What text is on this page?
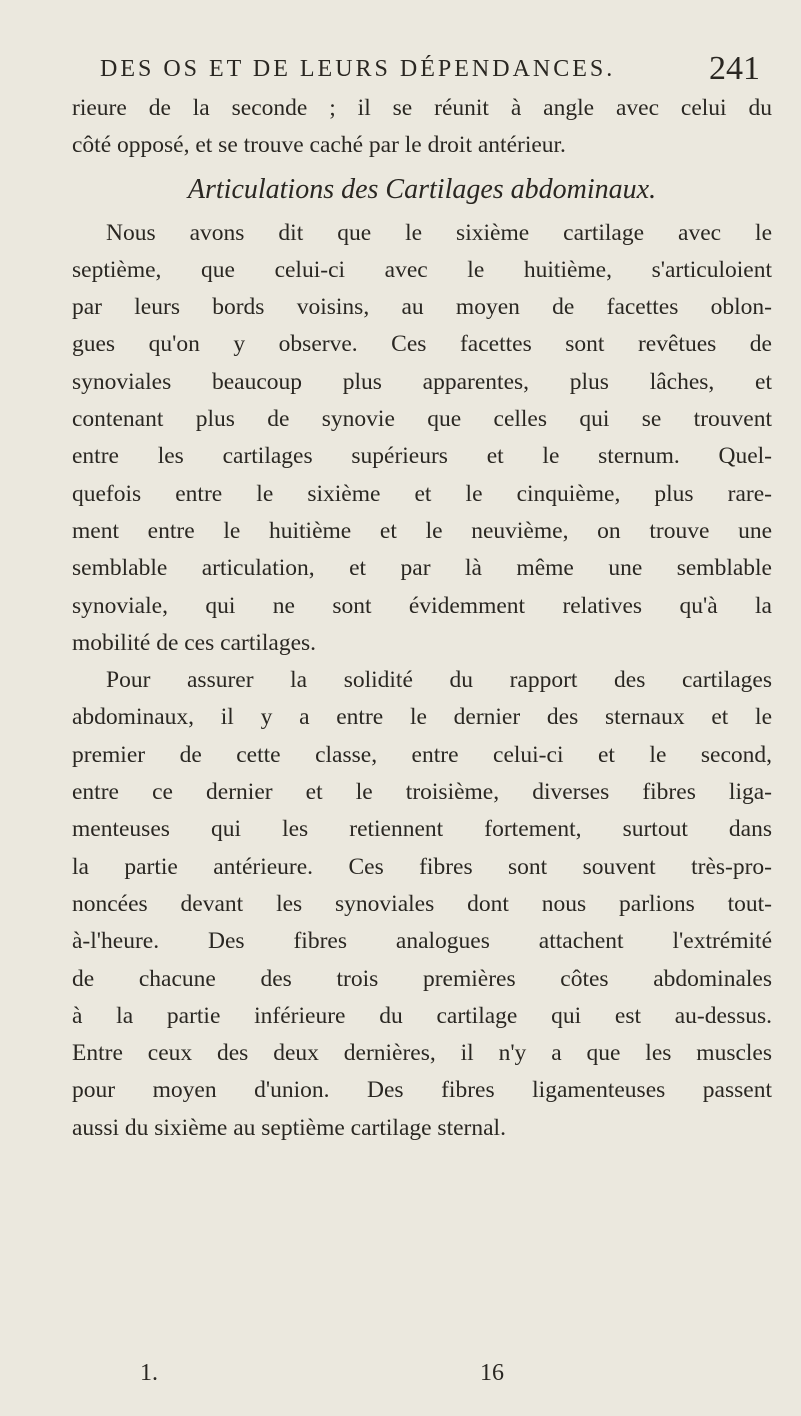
DES OS ET DE LEURS DÉPENDANCES.	241
rieure de la seconde ; il se réunit à angle avec celui du
côté opposé, et se trouve caché par le droit antérieur.
Articulations des Cartilages abdominaux.
Nous avons dit que le sixième cartilage avec le
septième, que celui-ci avec le huitième, s'articuloient
par leurs bords voisins, au moyen de facettes oblon-
gues qu'on y observe. Ces facettes sont revêtues de
synoviales beaucoup plus apparentes, plus lâches, et
contenant plus de synovie que celles qui se trouvent
entre les cartilages supérieurs et le sternum. Quel-
quefois entre le sixième et le cinquième, plus rare-
ment entre le huitième et le neuvième, on trouve une
semblable articulation, et par là même une semblable
synoviale, qui ne sont évidemment relatives qu'à la
mobilité de ces cartilages.
Pour assurer la solidité du rapport des cartilages
abdominaux, il y a entre le dernier des sternaux et le
premier de cette classe, entre celui-ci et le second,
entre ce dernier et le troisième, diverses fibres liga-
menteuses qui les retiennent fortement, surtout dans
la partie antérieure. Ces fibres sont souvent très-pro-
noncées devant les synoviales dont nous parlions tout-
à-l'heure. Des fibres analogues attachent l'extrémité
de chacune des trois premières côtes abdominales
à la partie inférieure du cartilage qui est au-dessus.
Entre ceux des deux dernières, il n'y a que les muscles
pour moyen d'union. Des fibres ligamenteuses passent
aussi du sixième au septième cartilage sternal.
1.	16
